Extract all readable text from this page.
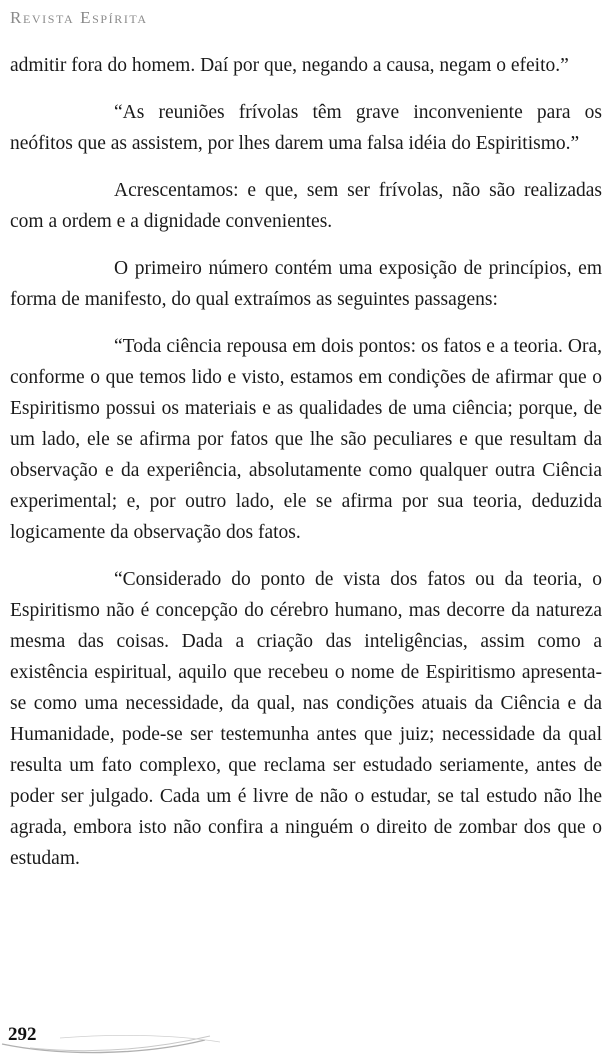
Revista Espírita

admitir fora do homem. Daí por que, negando a causa, negam o efeito.”

“As reuniões frívolas têm grave inconveniente para os neófitos que as assistem, por lhes darem uma falsa idéia do Espiritismo.”

Acrescentamos: e que, sem ser frívolas, não são realizadas com a ordem e a dignidade convenientes.

O primeiro número contém uma exposição de princípios, em forma de manifesto, do qual extraímos as seguintes passagens:

“Toda ciência repousa em dois pontos: os fatos e a teoria. Ora, conforme o que temos lido e visto, estamos em condições de afirmar que o Espiritismo possui os materiais e as qualidades de uma ciência; porque, de um lado, ele se afirma por fatos que lhe são peculiares e que resultam da observação e da experiência, absolutamente como qualquer outra Ciência experimental; e, por outro lado, ele se afirma por sua teoria, deduzida logicamente da observação dos fatos.

“Considerado do ponto de vista dos fatos ou da teoria, o Espiritismo não é concepção do cérebro humano, mas decorre da natureza mesma das coisas. Dada a criação das inteligências, assim como a existência espiritual, aquilo que recebeu o nome de Espiritismo apresenta-se como uma necessidade, da qual, nas condições atuais da Ciência e da Humanidade, pode-se ser testemunha antes que juiz; necessidade da qual resulta um fato complexo, que reclama ser estudado seriamente, antes de poder ser julgado. Cada um é livre de não o estudar, se tal estudo não lhe agrada, embora isto não confira a ninguém o direito de zombar dos que o estudam.

292
